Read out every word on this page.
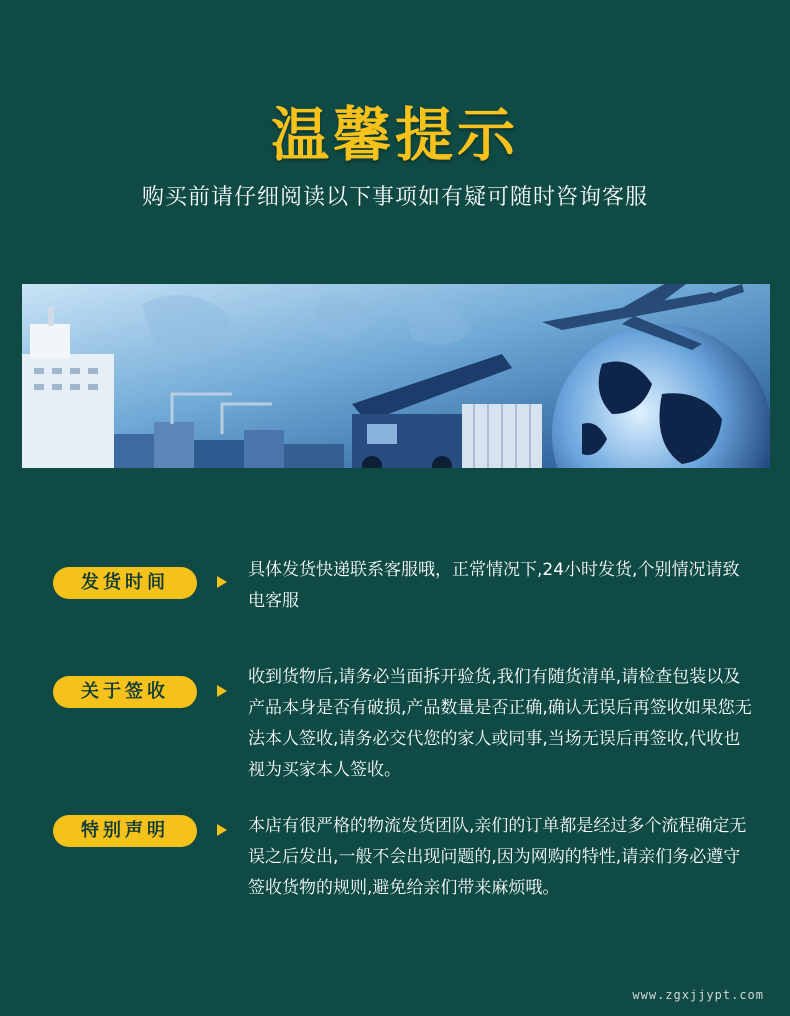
温馨提示
购买前请仔细阅读以下事项如有疑可随时咨询客服
发货时间
具体发货快递联系客服哦，正常情况下,24小时发货,个别情况请致电客服
关于签收
收到货物后,请务必当面拆开验货,我们有随货清单,请检查包装以及产品本身是否有破损,产品数量是否正确,确认无误后再签收如果您无法本人签收,请务必交代您的家人或同事,当场无误后再签收,代收也视为买家本人签收。
特别声明	本店有很严格的物流发货团队,亲们的订单都是经过多个流程确定无误之后发出,一般不会出现问题的,因为网购的特性,请亲们务必遵守签收货物的规则,避免给亲们带来麻烦哦。
www.zgxjjypt.com
